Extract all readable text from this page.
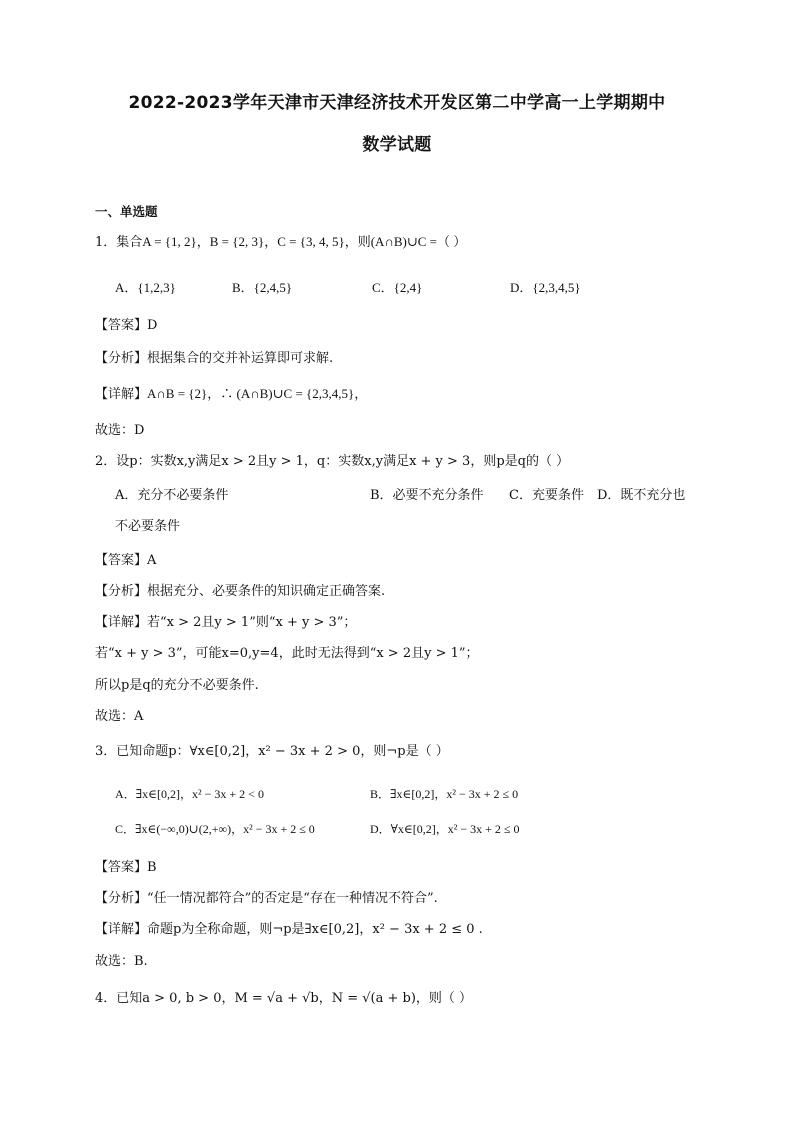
2022-2023学年天津市天津经济技术开发区第二中学高一上学期期中
数学试题
一、单选题
1．集合A = {1, 2}，B = {2, 3}，C = {3, 4, 5}，则(A∩B)∪C =（ ）
A．{1,2,3}	B．{2,4,5}	C．{2,4}	D．{2,3,4,5}
【答案】D
【分析】根据集合的交并补运算即可求解.
【详解】A∩B = {2}，∴ (A∩B)∪C = {2,3,4,5}，
故选：D
2．设p：实数x,y满足x > 2且y > 1，q：实数x,y满足x + y > 3，则p是q的（ ）
A．充分不必要条件	B．必要不充分条件 C．充要条件 D．既不充分也
不必要条件
【答案】A
【分析】根据充分、必要条件的知识确定正确答案.
【详解】若“x > 2且y > 1”则“x + y > 3”；
若“x + y > 3”，可能x=0,y=4，此时无法得到“x > 2且y > 1”；
所以p是q的充分不必要条件.
故选：A
3．已知命题p：∀x∈[0,2]，x² − 3x + 2 > 0，则¬p是（ ）
A．∃x∈[0,2]，x² − 3x + 2 < 0	B．∃x∈[0,2]，x² − 3x + 2 ≤ 0
C．∃x∈(−∞,0)∪(2,+∞)，x² − 3x + 2 ≤ 0	D．∀x∈[0,2]，x² − 3x + 2 ≤ 0
【答案】B
【分析】“任一情况都符合”的否定是“存在一种情况不符合”.
【详解】命题p为全称命题，则¬p是∃x∈[0,2]，x² − 3x + 2 ≤ 0 .
故选：B.
4．已知a > 0, b > 0，M = √a + √b，N = √(a + b)，则（ ）
